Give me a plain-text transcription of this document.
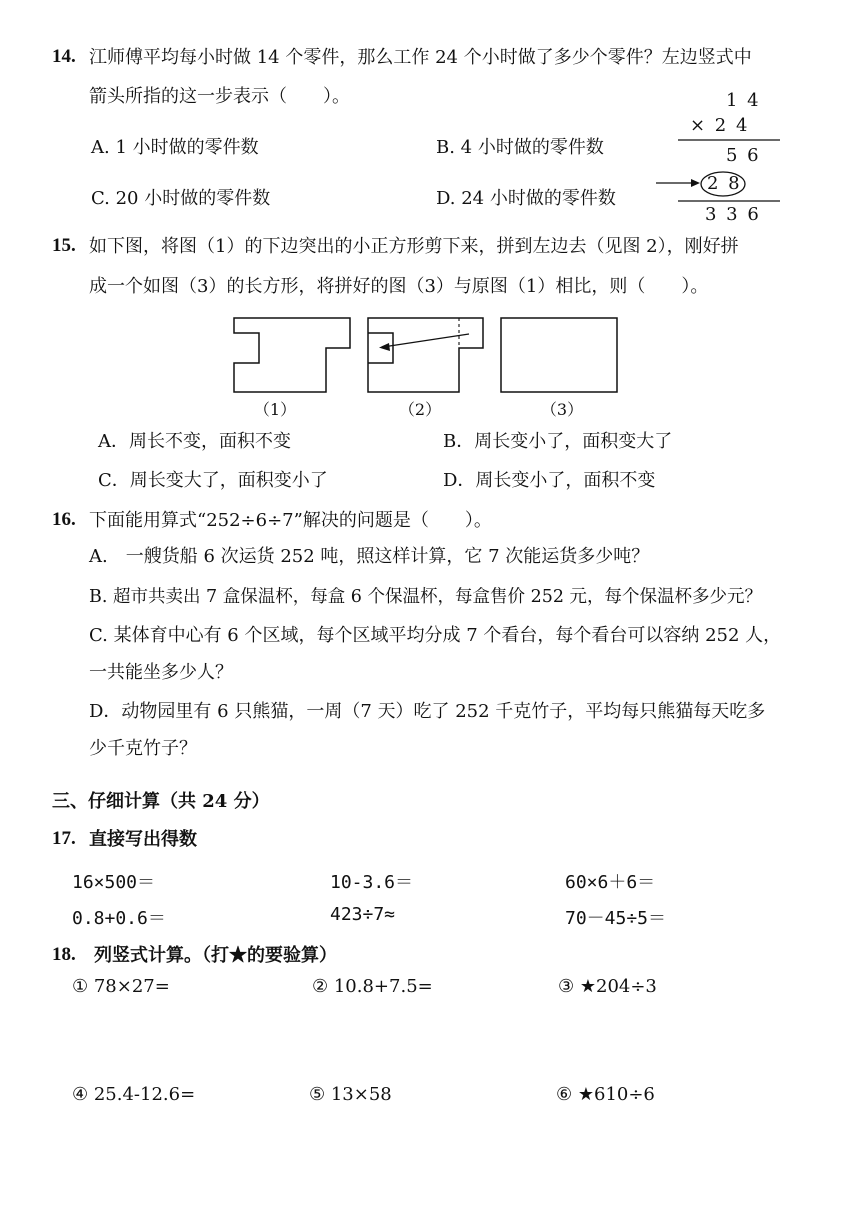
14. 江师傅平均每小时做 14 个零件，那么工作 24 个小时做了多少个零件？左边竖式中
箭头所指的这一步表示（　　）。
A. 1 小时做的零件数	B. 4 小时做的零件数
C. 20 小时做的零件数	D. 24 小时做的零件数
1 4
× 2 4
5 6
2 8
3 3 6
15. 如下图，将图（1）的下边突出的小正方形剪下来，拼到左边去（见图 2），刚好拼
成一个如图（3）的长方形，将拼好的图（3）与原图（1）相比，则（　　）。
（1）	（2）	（3）
A．周长不变，面积不变	B．周长变小了，面积变大了
C．周长变大了，面积变小了	D．周长变小了，面积不变
16. 下面能用算式“252÷6÷7”解决的问题是（　　）。
A.　一艘货船 6 次运货 252 吨，照这样计算，它 7 次能运货多少吨？
B. 超市共卖出 7 盒保温杯，每盒 6 个保温杯，每盒售价 252 元，每个保温杯多少元？
C. 某体育中心有 6 个区域，每个区域平均分成 7 个看台，每个看台可以容纳 252 人，
一共能坐多少人？
D．动物园里有 6 只熊猫，一周（7 天）吃了 252 千克竹子，平均每只熊猫每天吃多
少千克竹子？
三、仔细计算（共 24 分）
17. 直接写出得数
16×500＝	10-3.6＝	60×6＋6＝
0.8+0.6＝	423÷7≈	70－45÷5＝
18. 列竖式计算。（打★的要验算）
① 78×27=	② 10.8+7.5=	③ ★204÷3
④ 25.4-12.6=	⑤ 13×58	⑥ ★610÷6
